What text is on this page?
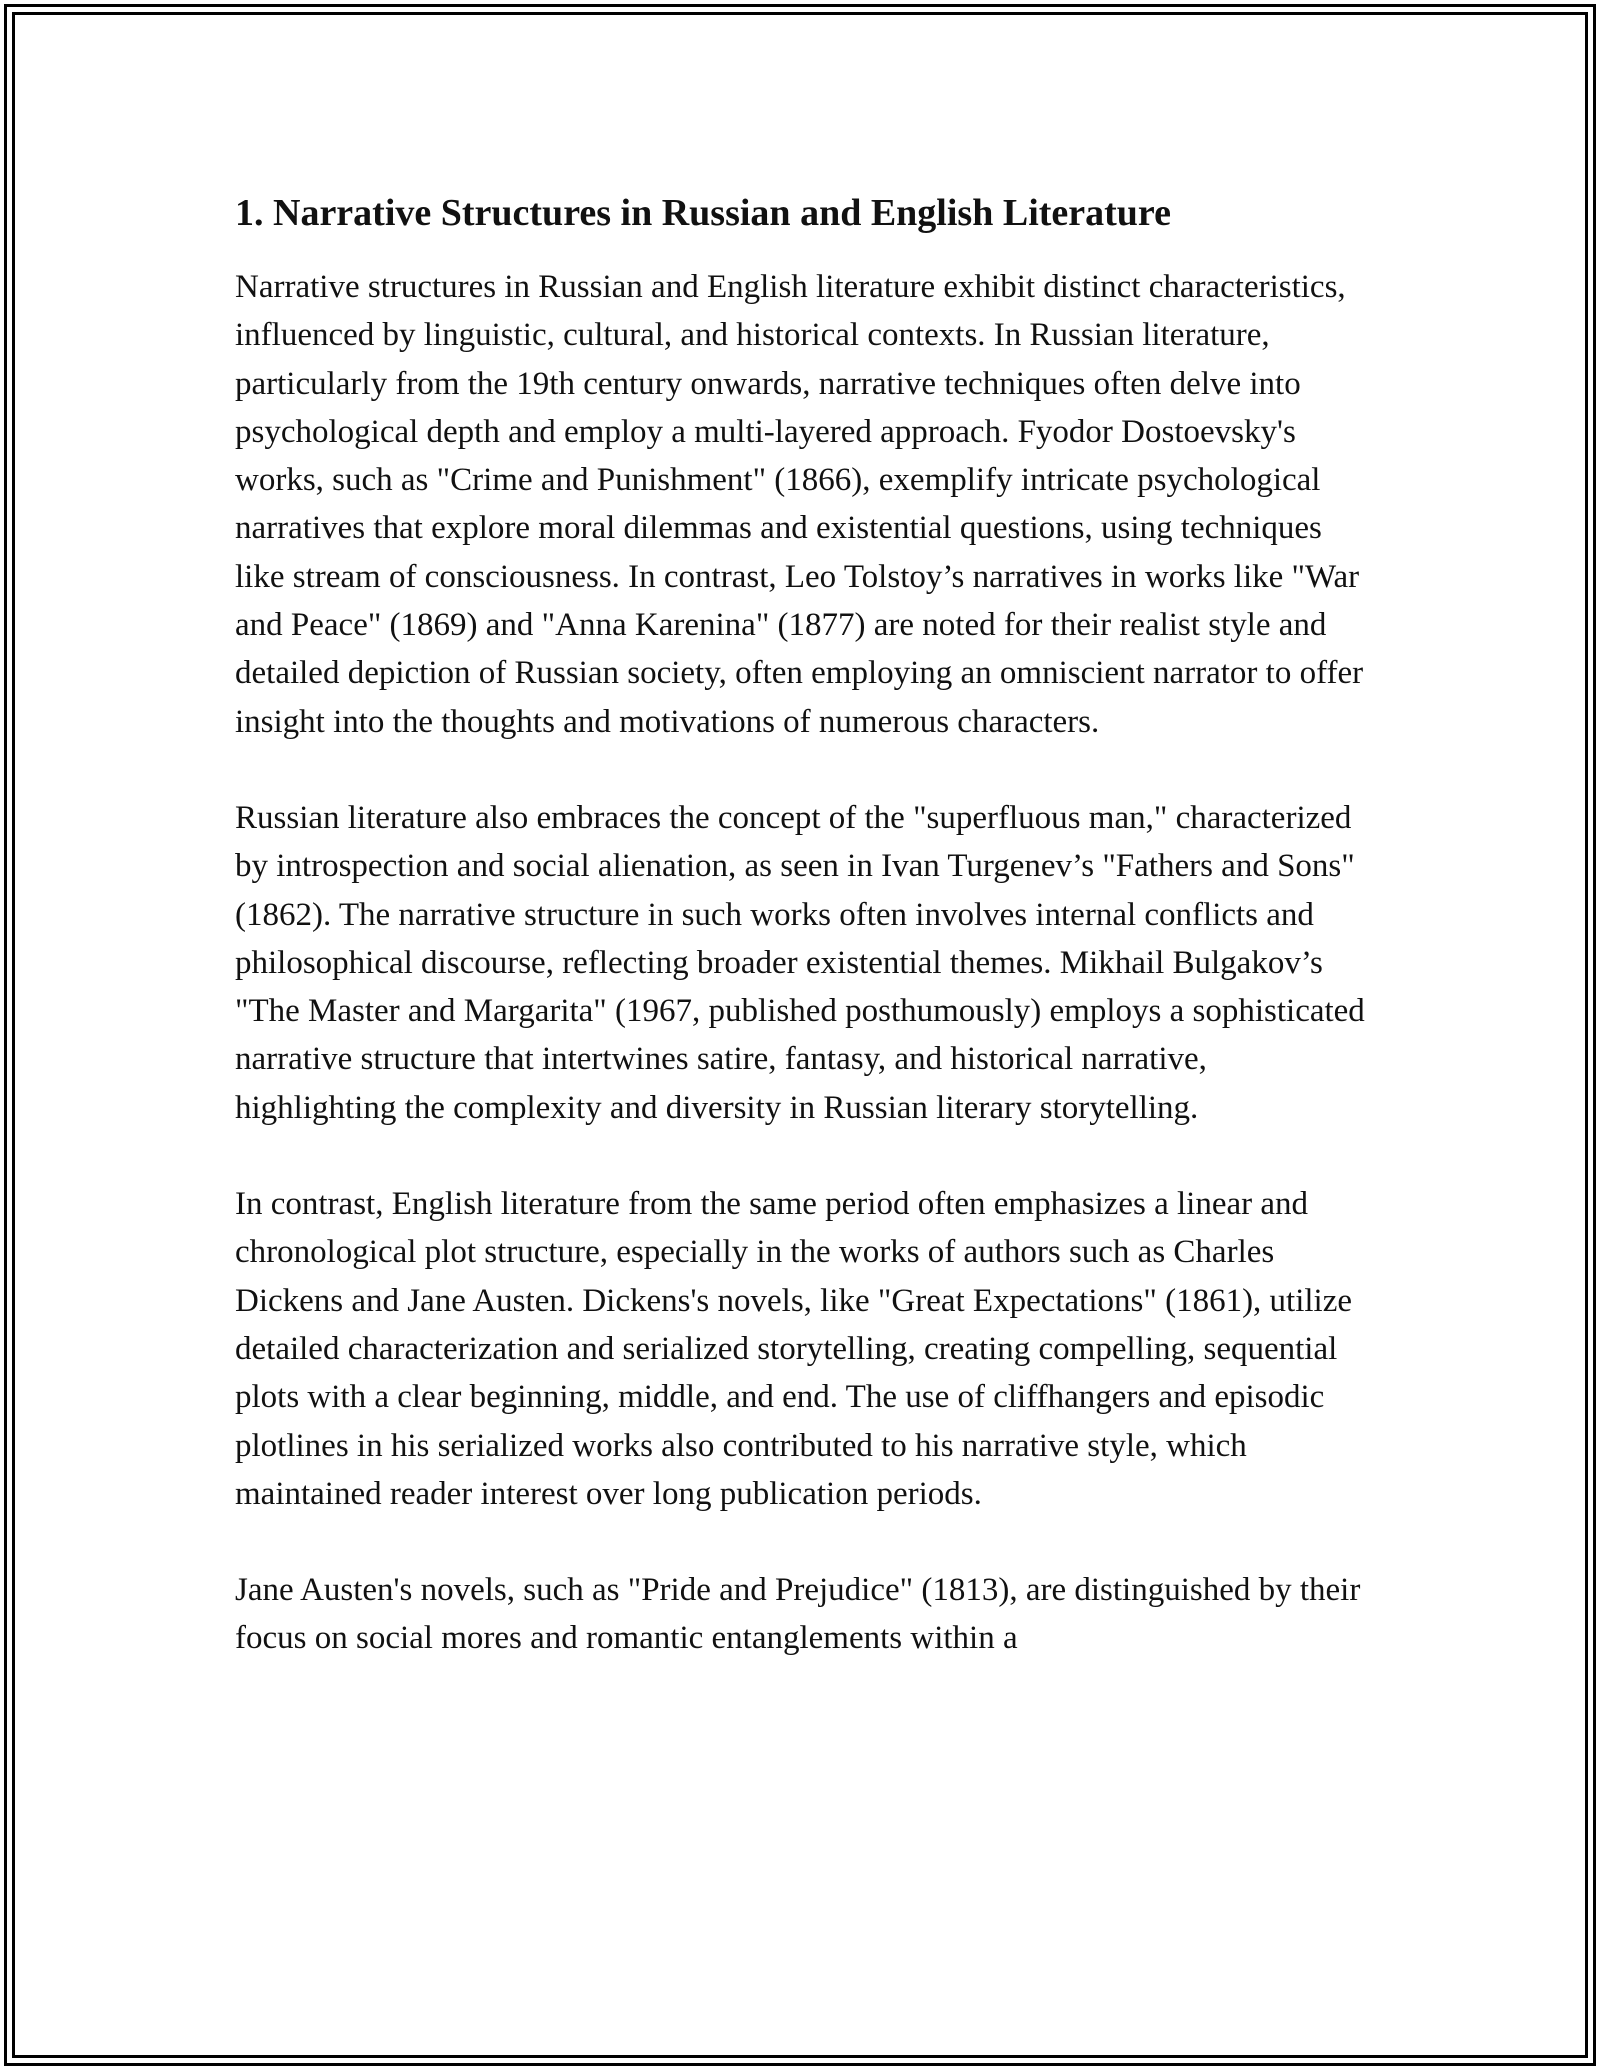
1. Narrative Structures in Russian and English Literature

Narrative structures in Russian and English literature exhibit distinct characteristics, influenced by linguistic, cultural, and historical contexts. In Russian literature, particularly from the 19th century onwards, narrative techniques often delve into psychological depth and employ a multi-layered approach. Fyodor Dostoevsky's works, such as "Crime and Punishment" (1866), exemplify intricate psychological narratives that explore moral dilemmas and existential questions, using techniques like stream of consciousness. In contrast, Leo Tolstoy’s narratives in works like "War and Peace" (1869) and "Anna Karenina" (1877) are noted for their realist style and detailed depiction of Russian society, often employing an omniscient narrator to offer insight into the thoughts and motivations of numerous characters.

Russian literature also embraces the concept of the "superfluous man," characterized by introspection and social alienation, as seen in Ivan Turgenev’s "Fathers and Sons" (1862). The narrative structure in such works often involves internal conflicts and philosophical discourse, reflecting broader existential themes. Mikhail Bulgakov’s "The Master and Margarita" (1967, published posthumously) employs a sophisticated narrative structure that intertwines satire, fantasy, and historical narrative, highlighting the complexity and diversity in Russian literary storytelling.

In contrast, English literature from the same period often emphasizes a linear and chronological plot structure, especially in the works of authors such as Charles Dickens and Jane Austen. Dickens's novels, like "Great Expectations" (1861), utilize detailed characterization and serialized storytelling, creating compelling, sequential plots with a clear beginning, middle, and end. The use of cliffhangers and episodic plotlines in his serialized works also contributed to his narrative style, which maintained reader interest over long publication periods.

Jane Austen's novels, such as "Pride and Prejudice" (1813), are distinguished by their focus on social mores and romantic entanglements within a
